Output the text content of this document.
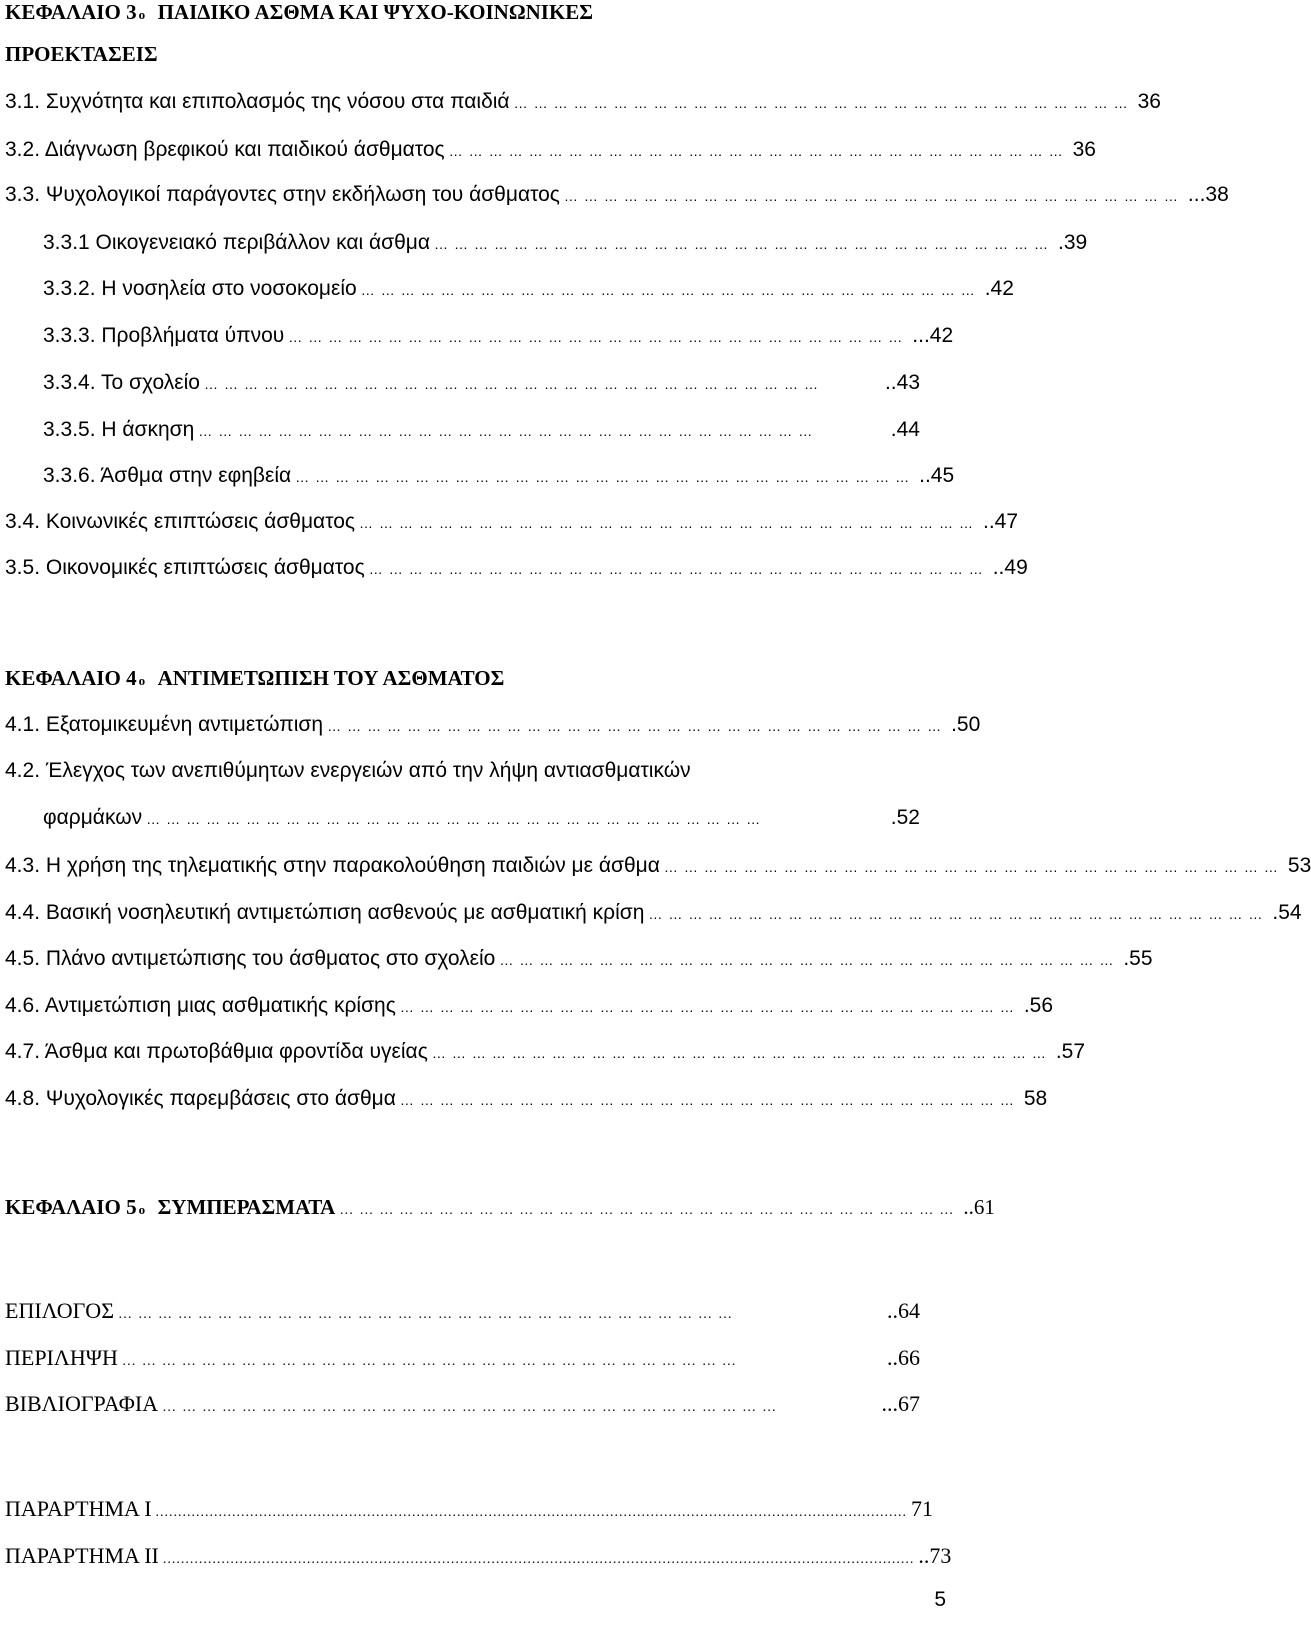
ΚΕΦΑΛΑΙΟ 3 ο
ΠΑΙΔΙΚΟ ΑΣΘΜΑ ΚΑΙ ΨΥΧΟ-ΚΟΙΝΩΝΙΚΕΣ
ΠΡΟΕΚΤΑΣΕΙΣ
3.1. Συχνότητα και επιπολασμός της νόσου στα παιδιά ………………………………………………………………………………… 36
3.2. Διάγνωση βρεφικού και παιδικού άσθματος ………………………………………………………………………………… 36
3.3. Ψυχολογικοί παράγοντες στην εκδήλωση του άσθματος ………………………………………………………………………………… ...38
3.3.1 Οικογενειακό περιβάλλον και άσθμα ………………………………………………………………………………… .39
3.3.2. Η νοσηλεία στο νοσοκομείο ………………………………………………………………………………… .42
3.3.3. Προβλήματα ύπνου ………………………………………………………………………………… ...42
3.3.4. Το σχολείο …………………………………………………………………………………	..43
3.3.5. Η άσκηση …………………………………………………………………………………	.44
3.3.6. Άσθμα στην εφηβεία ………………………………………………………………………………… ..45
3.4. Κοινωνικές επιπτώσεις άσθματος ………………………………………………………………………………… ..47
3.5. Οικονομικές επιπτώσεις άσθματος ………………………………………………………………………………… ..49
ΚΕΦΑΛΑΙΟ 4 ο
ΑΝΤΙΜΕΤΩΠΙΣΗ ΤΟΥ ΑΣΘΜΑΤΟΣ
4.1. Εξατομικευμένη αντιμετώπιση ………………………………………………………………………………… .50
4.2. Έλεγχος των ανεπιθύμητων ενεργειών από την λήψη αντιασθματικών
φαρμάκων …………………………………………………………………………………	.52
4.3. Η χρήση της τηλεματικής στην παρακολούθηση παιδιών με άσθμα ………………………………………………………………………………… 53
4.4. Βασική νοσηλευτική αντιμετώπιση ασθενούς με ασθματική κρίση ………………………………………………………………………………… .54
4.5. Πλάνο αντιμετώπισης του άσθματος στο σχολείο ………………………………………………………………………………… .55
4.6. Αντιμετώπιση μιας ασθματικής κρίσης ………………………………………………………………………………… .56
4.7. Άσθμα και πρωτοβάθμια φροντίδα υγείας ………………………………………………………………………………… .57
4.8. Ψυχολογικές παρεμβάσεις στο άσθμα ………………………………………………………………………………… 58
ΚΕΦΑΛΑΙΟ 5 ο
ΣΥΜΠΕΡΑΣΜΑΤΑ ………………………………………………………………………………… ..61
ΕΠΙΛΟΓΟΣ …………………………………………………………………………………	..64
ΠΕΡΙΛΗΨΗ …………………………………………………………………………………	..66
ΒΙΒΛΙΟΓΡΑΦΙΑ …………………………………………………………………………………	...67
ΠΑΡΑΡΤΗΜΑ Ι ....................................................................................................................................................................... 71
ΠΑΡΑΡΤΗΜΑ ΙΙ ....................................................................................................................................................................... ..73
5
